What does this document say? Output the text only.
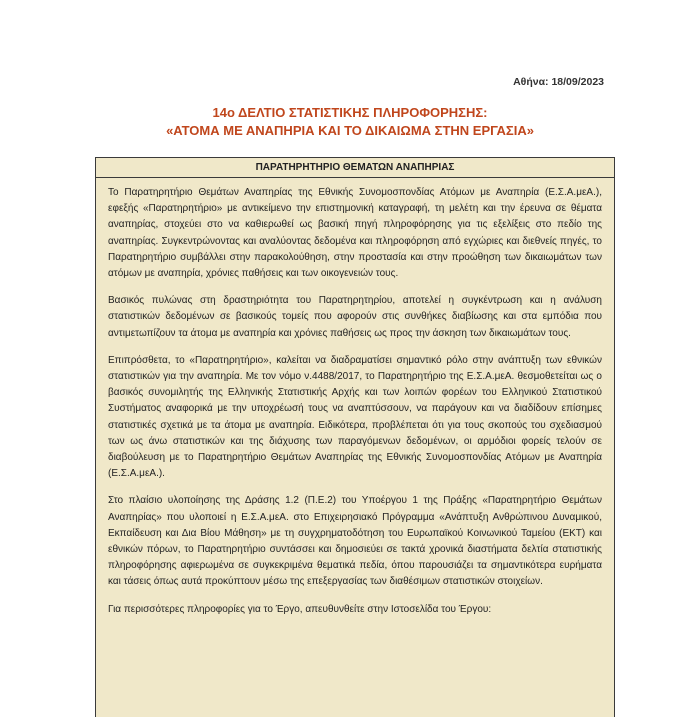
Αθήνα: 18/09/2023
14ο ΔΕΛΤΙΟ ΣΤΑΤΙΣΤΙΚΗΣ ΠΛΗΡΟΦΟΡΗΣΗΣ:
«ΑΤΟΜΑ ΜΕ ΑΝΑΠΗΡΙΑ ΚΑΙ ΤΟ ΔΙΚΑΙΩΜΑ ΣΤΗΝ ΕΡΓΑΣΙΑ»
ΠΑΡΑΤΗΡΗΤΗΡΙΟ ΘΕΜΑΤΩΝ ΑΝΑΠΗΡΙΑΣ

Το Παρατηρητήριο Θεμάτων Αναπηρίας της Εθνικής Συνομοσπονδίας Ατόμων με Αναπηρία (Ε.Σ.Α.μεΑ.), εφεξής «Παρατηρητήριο» με αντικείμενο την επιστημονική καταγραφή, τη μελέτη και την έρευνα σε θέματα αναπηρίας, στοχεύει στο να καθιερωθεί ως βασική πηγή πληροφόρησης για τις εξελίξεις στο πεδίο της αναπηρίας. Συγκεντρώνοντας και αναλύοντας δεδομένα και πληροφόρηση από εγχώριες και διεθνείς πηγές, το Παρατηρητήριο συμβάλλει στην παρακολούθηση, στην προστασία και στην προώθηση των δικαιωμάτων των ατόμων με αναπηρία, χρόνιες παθήσεις και των οικογενειών τους.

Βασικός πυλώνας στη δραστηριότητα του Παρατηρητηρίου, αποτελεί η συγκέντρωση και η ανάλυση στατιστικών δεδομένων σε βασικούς τομείς που αφορούν στις συνθήκες διαβίωσης και στα εμπόδια που αντιμετωπίζουν τα άτομα με αναπηρία και χρόνιες παθήσεις ως προς την άσκηση των δικαιωμάτων τους.

Επιπρόσθετα, το «Παρατηρητήριο», καλείται να διαδραματίσει σημαντικό ρόλο στην ανάπτυξη των εθνικών στατιστικών για την αναπηρία. Με τον νόμο ν.4488/2017, το Παρατηρητήριο της Ε.Σ.Α.μεΑ. θεσμοθετείται ως ο βασικός συνομιλητής της Ελληνικής Στατιστικής Αρχής και των λοιπών φορέων του Ελληνικού Στατιστικού Συστήματος αναφορικά με την υποχρέωσή τους να αναπτύσσουν, να παράγουν και να διαδίδουν επίσημες στατιστικές σχετικά με τα άτομα με αναπηρία. Ειδικότερα, προβλέπεται ότι για τους σκοπούς του σχεδιασμού των ως άνω στατιστικών και της διάχυσης των παραγόμενων δεδομένων, οι αρμόδιοι φορείς τελούν σε διαβούλευση με το Παρατηρητήριο Θεμάτων Αναπηρίας της Εθνικής Συνομοσπονδίας Ατόμων με Αναπηρία (Ε.Σ.Α.μεΑ.).

Στο πλαίσιο υλοποίησης της Δράσης 1.2 (Π.Ε.2) του Υποέργου 1 της Πράξης «Παρατηρητήριο Θεμάτων Αναπηρίας» που υλοποιεί η Ε.Σ.Α.μεΑ. στο Επιχειρησιακό Πρόγραμμα «Ανάπτυξη Ανθρώπινου Δυναμικού, Εκπαίδευση και Δια Βίου Μάθηση» με τη συγχρηματοδότηση του Ευρωπαϊκού Κοινωνικού Ταμείου (ΕΚΤ) και εθνικών πόρων, το Παρατηρητήριο συντάσσει και δημοσιεύει σε τακτά χρονικά διαστήματα δελτία στατιστικής πληροφόρησης αφιερωμένα σε συγκεκριμένα θεματικά πεδία, όπου παρουσιάζει τα σημαντικότερα ευρήματα και τάσεις όπως αυτά προκύπτουν μέσω της επεξεργασίας των διαθέσιμων στατιστικών στοιχείων.

Για περισσότερες πληροφορίες για το Έργο, απευθυνθείτε στην Ιστοσελίδα του Έργου:
